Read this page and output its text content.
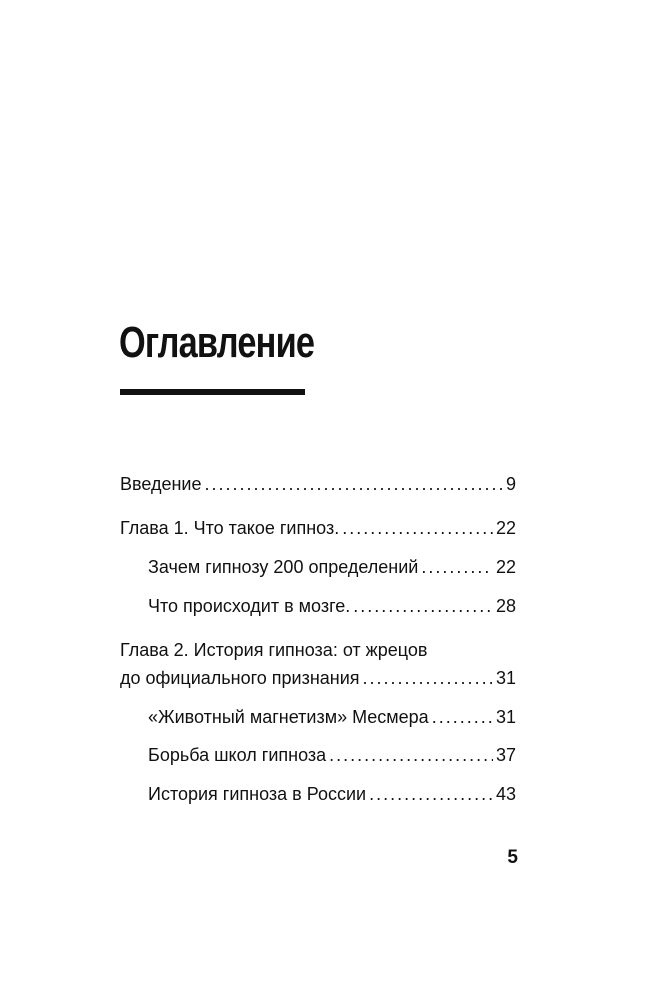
Оглавление
Введение .....	9
Глава 1. Что такое гипноз. .....	22
Зачем гипнозу 200 определений .....	22
Что происходит в мозге. .....	28
Глава 2. История гипноза: от жрецов
до официального признания .....	31
«Животный магнетизм» Месмера .....	31
Борьба школ гипноза .....	37
История гипноза в России .....	43
5
